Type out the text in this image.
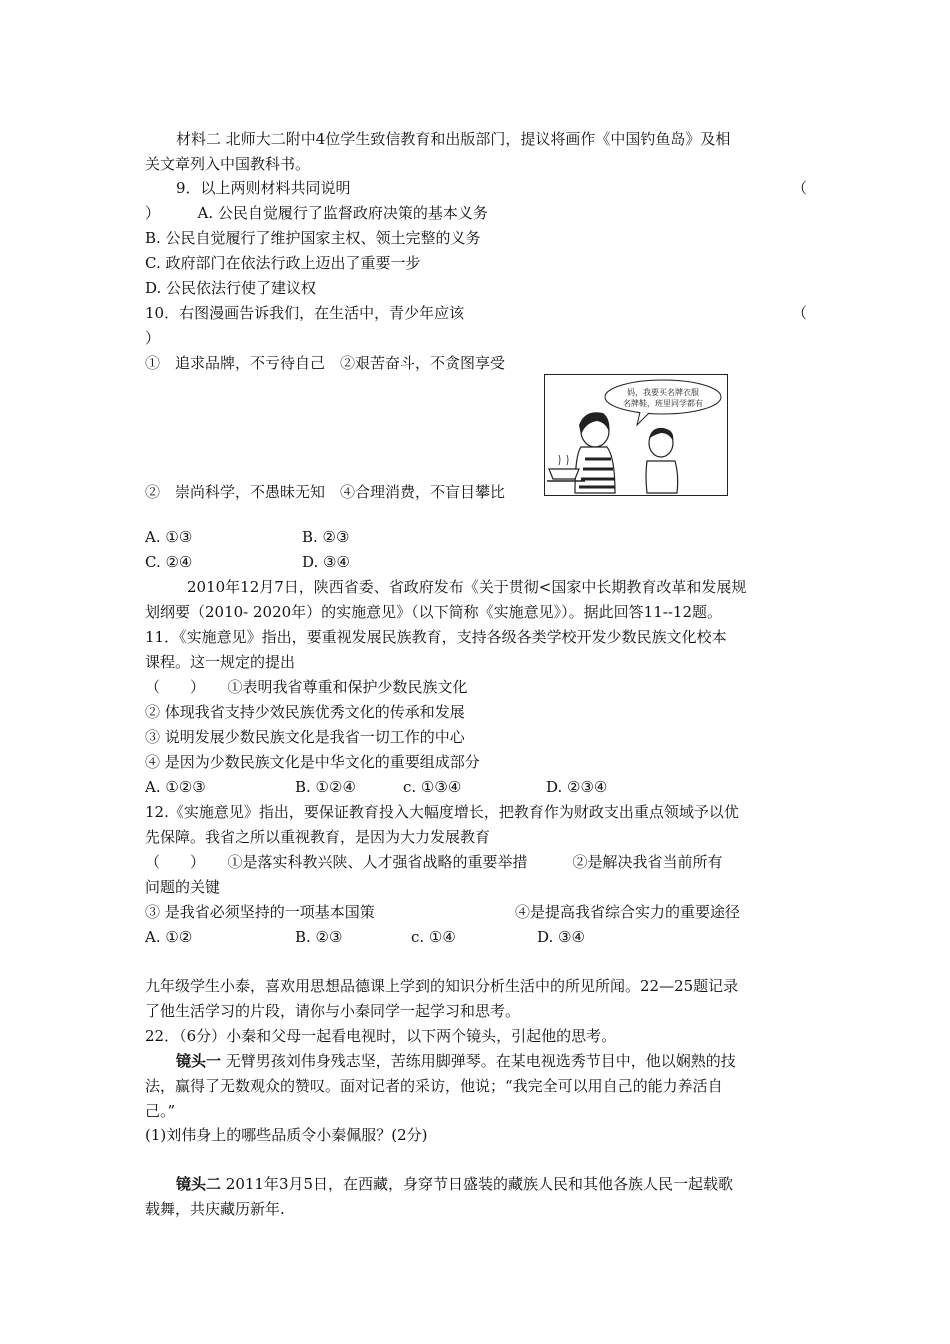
材料二 北师大二附中4位学生致信教育和出版部门，提议将画作《中国钓鱼岛》及相
关文章列入中国教科书。
9．以上两则材料共同说明	（
）　　　A. 公民自觉履行了监督政府决策的基本义务
B. 公民自觉履行了维护国家主权、领土完整的义务
C. 政府部门在依法行政上迈出了重要一步
D. 公民依法行使了建议权
10．右图漫画告诉我们，在生活中，青少年应该	（
）
①　追求品牌，不亏待自己　②艰苦奋斗，不贪图享受
妈，我要买名牌衣服
名牌鞋，班里同学都有
②　崇尚科学，不愚昧无知　④合理消费，不盲目攀比
A. ①③	B. ②③
C. ②④	D. ③④
2010年12月7日，陕西省委、省政府发布《关于贯彻<国家中长期教育改革和发展规
划纲要（2010- 2020年）的实施意见》（以下简称《实施意见》）。据此回答11--12题。
11．《实施意见》指出，要重视发展民族教育，支持各级各类学校开发少数民族文化校本
课程。这一规定的提出
（　　）　　①表明我省尊重和保护少数民族文化
② 体现我省支持少效民族优秀文化的传承和发展
③ 说明发展少数民族文化是我省一切工作的中心
④ 是因为少数民族文化是中华文化的重要组成部分
A. ①②③	B. ①②④	c. ①③④	D. ②③④
12.《实施意见》指出，要保证教育投入大幅度增长，把教育作为财政支出重点领域予以优
先保障。我省之所以重视教育，是因为大力发展教育
（　　）　　①是落实科教兴陕、人才强省战略的重要举措　　　②是解决我省当前所有
问题的关键
③ 是我省必须坚持的一项基本国策	④是提高我省综合实力的重要途径
A. ①②	B. ②③	c. ①④	D. ③④
九年级学生小泰，喜欢用思想品德课上学到的知识分析生活中的所见所闻。22—25题记录
了他生活学习的片段，请你与小秦同学一起学习和思考。
22．（6分）小秦和父母一起看电视时，以下两个镜头，引起他的思考。
镜头一 无臂男孩刘伟身残志坚，苦练用脚弹琴。在某电视选秀节目中，他以娴熟的技
法，赢得了无数观众的赞叹。面对记者的采访，他说；“我完全可以用自己的能力养活自
己。”
(1)刘伟身上的哪些品质令小秦佩服？(2分)
镜头二 2011年3月5日，在西藏，身穿节日盛装的藏族人民和其他各族人民一起载歌
载舞，共庆藏历新年.
